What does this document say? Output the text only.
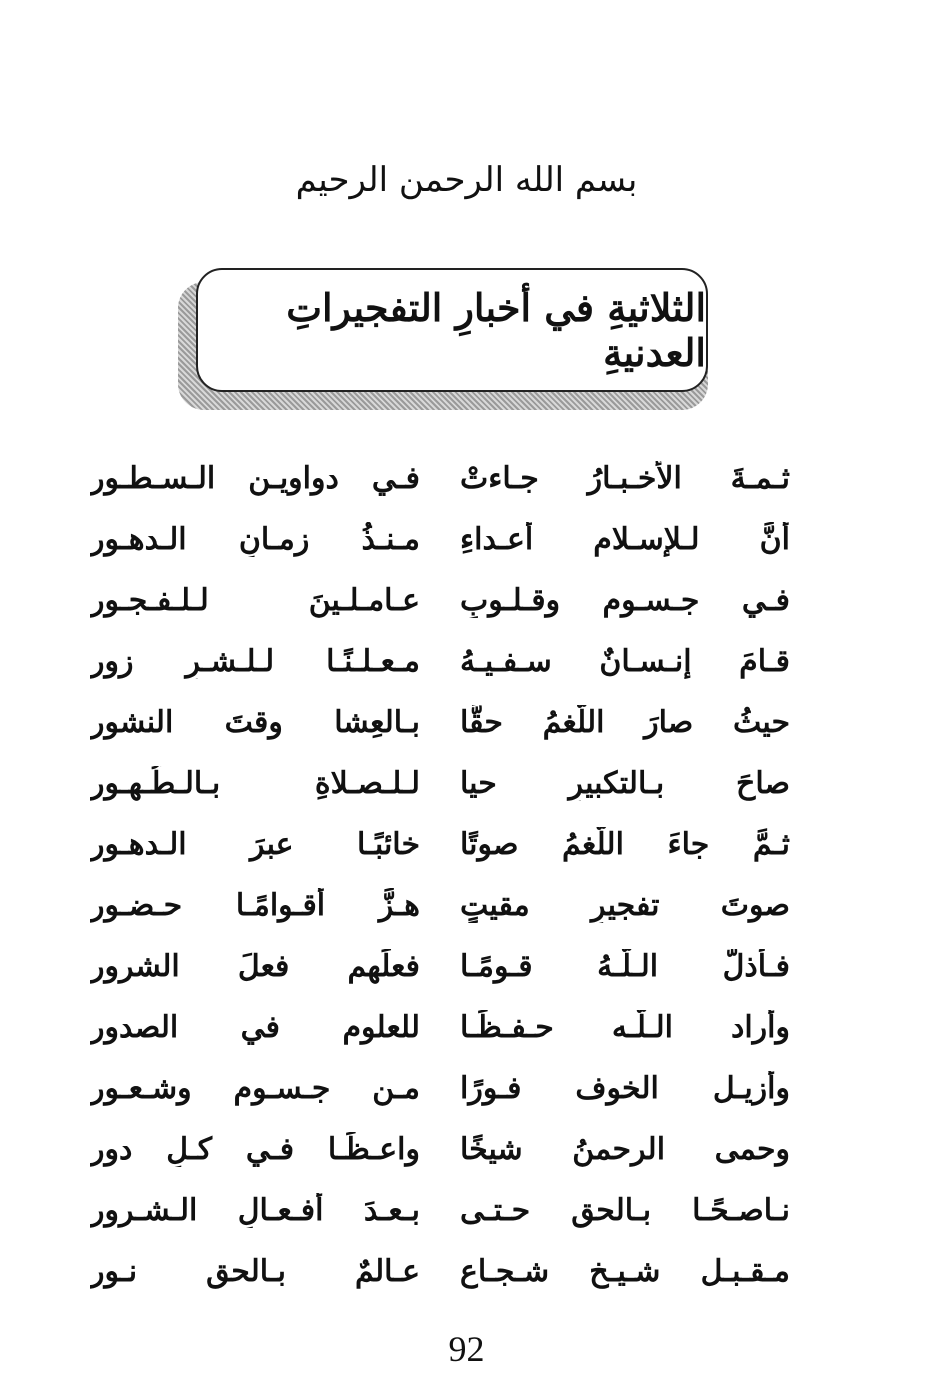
بسم الله الرحمن الرحيم
الثلاثيةِ في أخبارِ التفجيراتِ العدنيةِ
ثـمـةَ الأخـبـارُ جـاءتْ
فـي دواويـنِ الـسـطـور
أنَّ لـلإسـلام أعـداءِ
مـنـذُ زمـانِ الـدهـور
فـي جـسـومٍ وقـلـوبِ
عـامـلـينَ لـلـفـجـور
قـامَ إنـسـانٌ سـفـيـهُ
مـعـلـنًـا لـلـشـرِ زور
حيثُ صارَ اللّغمُ حقًّا
بـالعِشا وقتَ النشور
صاحَ بـالتكبيرِ حيا
لـلـصـلاةِ بـالـطُـهـور
ثـمَّ جاءَ اللّغمُ صوتًا
خائبًـا عبرَ الـدهـور
صوتَ تفجيرٍ مقيتٍ
هـزَّ أقـوامًـا حـضـور
فـأذلَّ الـلّـهُ قـومًـا
فعلَهم فعلَ الشرور
وأراد الـلّـه حـفـظًـا
للعلومِ في الصدور
وأزيـل الخوف فـورًا
مـن جـسـومٍ وشـعـور
وحمى الرحمنُ شيخًا
واعـظًـا فـي كـلِ دور
نـاصـحًـا بـالحق حـتـى
بـعـدَ أفـعـالِ الـشـرور
مـقـبـل شـيـخ شـجـاع
عـالمٌ بـالحقِ نـور
92
